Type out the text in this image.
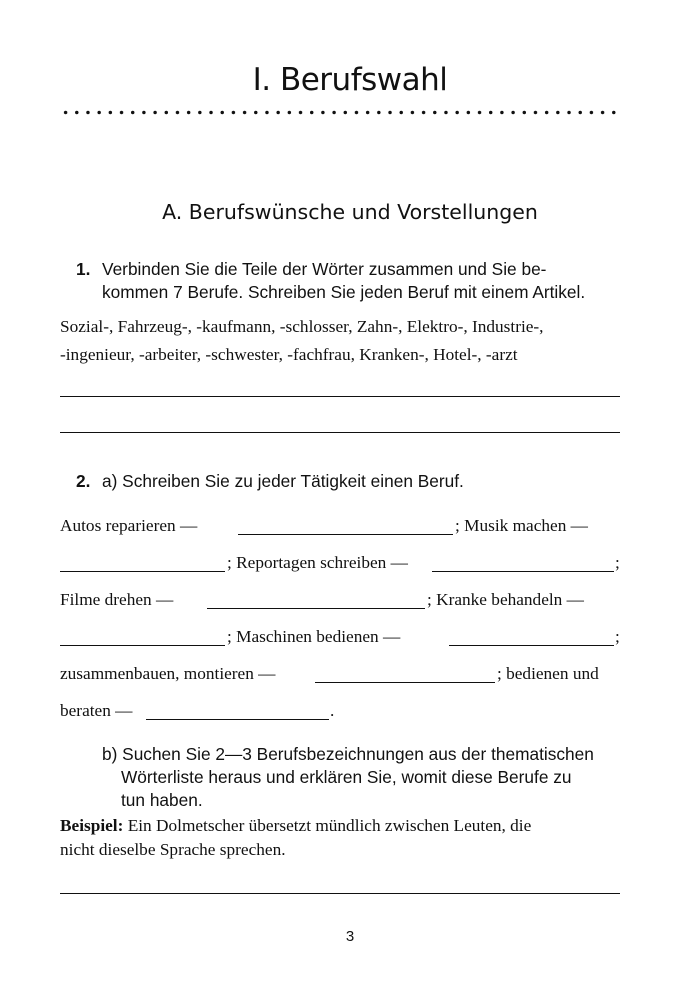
I. Berufswahl
A. Berufswünsche und Vorstellungen
1. Verbinden Sie die Teile der Wörter zusammen und Sie be-
kommen 7 Berufe. Schreiben Sie jeden Beruf mit einem Artikel.
Sozial-, Fahrzeug-, -kaufmann, -schlosser, Zahn-, Elektro-, Industrie-,
-ingenieur, -arbeiter, -schwester, -fachfrau, Kranken-, Hotel-, -arzt
2. a) Schreiben Sie zu jeder Tätigkeit einen Beruf.
Autos reparieren —	; Musik machen —
; Reportagen schreiben —	;
Filme drehen —	; Kranke behandeln —
; Maschinen bedienen —	;
zusammenbauen, montieren —	; bedienen und
beraten —	.
b) Suchen Sie 2—3 Berufsbezeichnungen aus der thematischen
Wörterliste heraus und erklären Sie, womit diese Berufe zu
tun haben.
Beispiel: Ein Dolmetscher übersetzt mündlich zwischen Leuten, die
nicht dieselbe Sprache sprechen.
3
